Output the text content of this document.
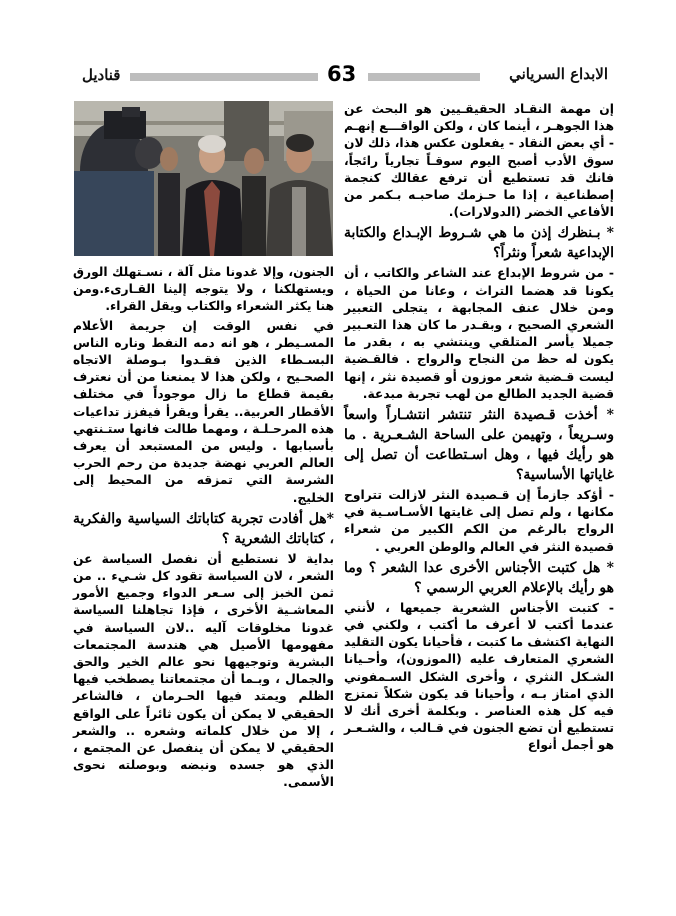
قناديل	63	الابداع السرياني

إن مهمة النقـاد الحقيقـيين هو البحث عن هذا الجوهـر ، أينما كان ، ولكن الواقـــع إنهـم - أي بعض النقاد - يفعلون عكس هذا، ذلك لان سوق الأدب أصبح اليوم سوقـاً تجارياً رائجاً، فانك قد تستطيع أن ترفع عقالك كنجمة إصطناعية ، إذا ما حـزمك صاحبـه بـكمر من الأفاعي الخضر (الدولارات).

* بـنظرك إذن ما هي شـروط الإبـداع والكتابة الإبداعية شعراً ونثراً؟

- من شروط الإبداع عند الشاعر والكاتب ، أن يكونا قد هضما التراث ، وعانا من الحياة ، ومن خلال عنف المجابهة ، يتجلى التعبير الشعري الصحيح ، وبقـدر ما كان هذا التعـبير جميلا يأسر المتلقي وينتشي به ، بقدر ما يكون له حظ من النجاح والرواج . فالقـضية ليست قـضية شعر موزون أو قصيدة نثر ، إنها قضية الجديد الطالع من لهب تجربة مبدعة.

* أخذت قـصيدة النثر تنتشر انتشـاراً واسعاً وسـريعاً ، وتهيمن على الساحة الشـعـرية . ما هو رأيك فيها ، وهل اسـتطاعت أن تصل إلى غاياتها الأساسية؟

- أؤكد جازماً إن قـصيدة النثر لازالت تتراوح مكانها ، ولم تصل إلى غايتها الأسـاسـية في الرواج بالرغم من الكم الكبير من شعراء قصيدة النثر في العالم والوطن العربي .

* هل كتبت الأجناس الأخرى عدا الشعر ؟ وما هو رأيك بالإعلام العربي الرسمي ؟

- كتبت الأجناس الشعرية جميعها ، لأنني عندما أكتب لا أعرف ما أكتب ، ولكني في النهاية اكتشف ما كتبت ، فأحيانا يكون التقليد الشعري المتعارف عليه (الموزون)، وأحـيانا الشـكل النثري ، وأخرى الشكل السـمفوني الذي امتاز بـه ، وأحيانا قد يكون شكلاً تمتزج فيه كل هذه العناصر . وبكلمة أخرى أنك لا تستطيع أن تضع الجنون في قـالب ، والشـعـر هو أجمل أنواع

الجنون، وإلا غدونا مثل آلة ، نسـتهلك الورق ويستهلكنا ، ولا يتوجه إلينا القـارىء.ومن هنا يكثر الشعراء والكتاب ويقل القراء.

في نفس الوقت إن جريمة الأعلام المسـيطر ، هو انه دمه النفط وناره الناس البسـطاء الذين فقـدوا بـوصلة الاتجاه الصحـيح ، ولكن هذا لا يمنعنا من أن نعترف بقيمة قطاع ما زال موجوداً في مختلف الأقطار العربية.. يقرأ ويقرأ فيفزز تداعيات هذه المرحـلـة ، ومهما طالت فانها ستـنتهي بأسبابها . وليس من المستبعد أن يعرف العالم العربي نهضة جديدة من رحم الحرب الشرسة التي تمزقه من المحيط إلى الخليج.

*هل أفادت تجربة كتاباتك السياسية والفكرية ، كتاباتك الشعرية ؟

بداية لا نستطيع أن نفصل السياسة عن الشعر ، لان السياسة تقود كل شـيء .. من ثمن الخبز إلى سـعر الدواء وجميع الأمور المعاشـية الأخرى ، فإذا تجاهلنا السياسة غدونا مخلوقات آليه ..لان السياسة في مفهومها الأصيل هي هندسة المجتمعات البشرية وتوجيهها نحو عالم الخير والحق والجمال ، وبـما أن مجتمعاتنا يصطخب فيها الظلم ويمتد فيها الحـرمان ، فالشاعر الحقيقي لا يمكن أن يكون ثائراً على الواقع ، إلا من خلال كلماته وشعره .. والشعر الحقيقي لا يمكن أن ينفصل عن المجتمع ، الذي هو جسده ونبضه وبوصلته نحوى الأسمى.
